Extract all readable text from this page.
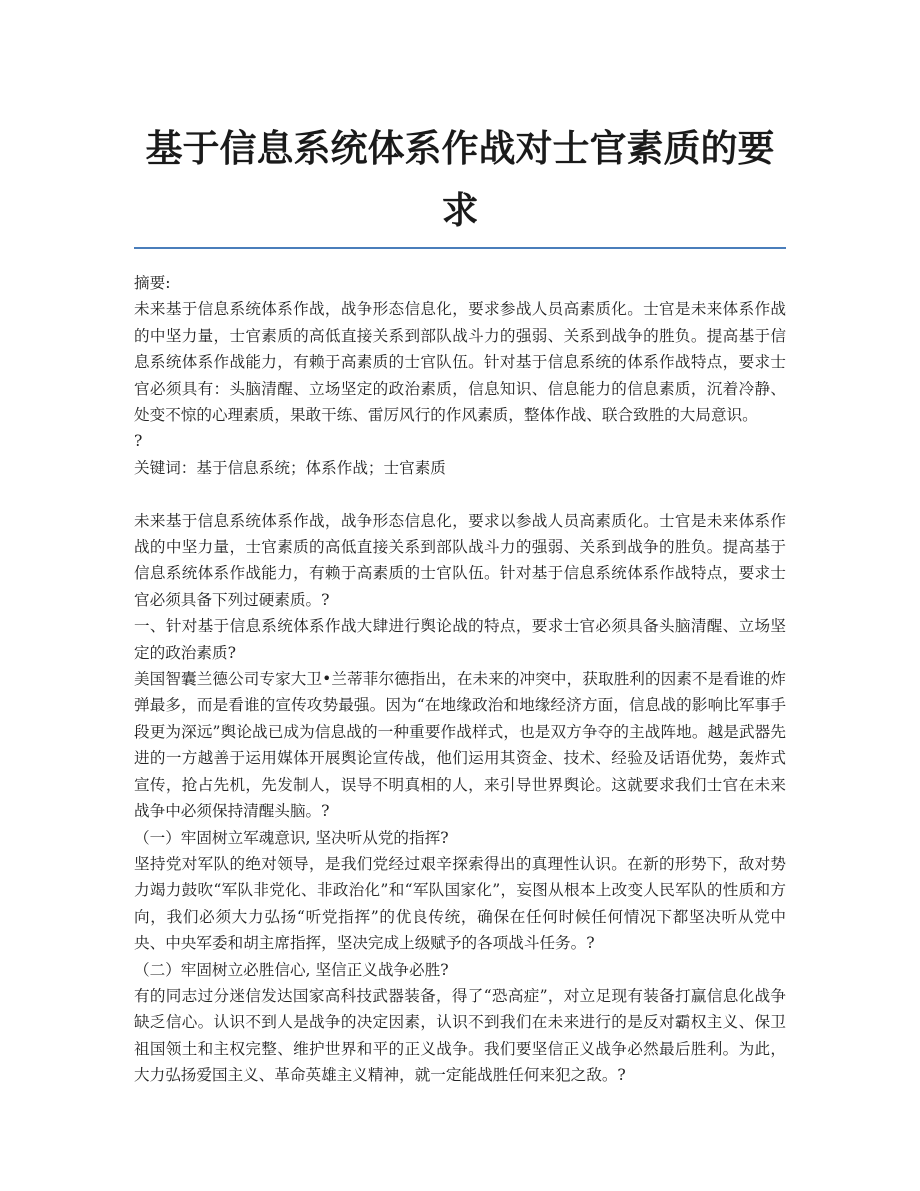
基于信息系统体系作战对士官素质的要求

摘要:

未来基于信息系统体系作战，战争形态信息化，要求参战人员高素质化。士官是未来体系作战的中坚力量，士官素质的高低直接关系到部队战斗力的强弱、关系到战争的胜负。提高基于信息系统体系作战能力，有赖于高素质的士官队伍。针对基于信息系统的体系作战特点，要求士官必须具有：头脑清醒、立场坚定的政治素质，信息知识、信息能力的信息素质，沉着冷静、处变不惊的心理素质，果敢干练、雷厉风行的作风素质，整体作战、联合致胜的大局意识。

?

关键词：基于信息系统；体系作战；士官素质

未来基于信息系统体系作战，战争形态信息化，要求以参战人员高素质化。士官是未来体系作战的中坚力量，士官素质的高低直接关系到部队战斗力的强弱、关系到战争的胜负。提高基于信息系统体系作战能力，有赖于高素质的士官队伍。针对基于信息系统体系作战特点，要求士官必须具备下列过硬素质。?

一、针对基于信息系统体系作战大肆进行舆论战的特点，要求士官必须具备头脑清醒、立场坚定的政治素质?

美国智囊兰德公司专家大卫•兰蒂菲尔德指出，在未来的冲突中，获取胜利的因素不是看谁的炸弹最多，而是看谁的宣传攻势最强。因为“在地缘政治和地缘经济方面，信息战的影响比军事手段更为深远”舆论战已成为信息战的一种重要作战样式，也是双方争夺的主战阵地。越是武器先进的一方越善于运用媒体开展舆论宣传战，他们运用其资金、技术、经验及话语优势，轰炸式宣传，抢占先机，先发制人，误导不明真相的人，来引导世界舆论。这就要求我们士官在未来战争中必须保持清醒头脑。?

（一）牢固树立军魂意识, 坚决听从党的指挥?

坚持党对军队的绝对领导，是我们党经过艰辛探索得出的真理性认识。在新的形势下，敌对势力竭力鼓吹“军队非党化、非政治化”和“军队国家化”，妄图从根本上改变人民军队的性质和方向，我们必须大力弘扬“听党指挥”的优良传统，确保在任何时候任何情况下都坚决听从党中央、中央军委和胡主席指挥，坚决完成上级赋予的各项战斗任务。?

（二）牢固树立必胜信心, 坚信正义战争必胜?

有的同志过分迷信发达国家高科技武器装备，得了“恐高症”，对立足现有装备打赢信息化战争缺乏信心。认识不到人是战争的决定因素，认识不到我们在未来进行的是反对霸权主义、保卫祖国领土和主权完整、维护世界和平的正义战争。我们要坚信正义战争必然最后胜利。为此，大力弘扬爱国主义、革命英雄主义精神，就一定能战胜任何来犯之敌。?
